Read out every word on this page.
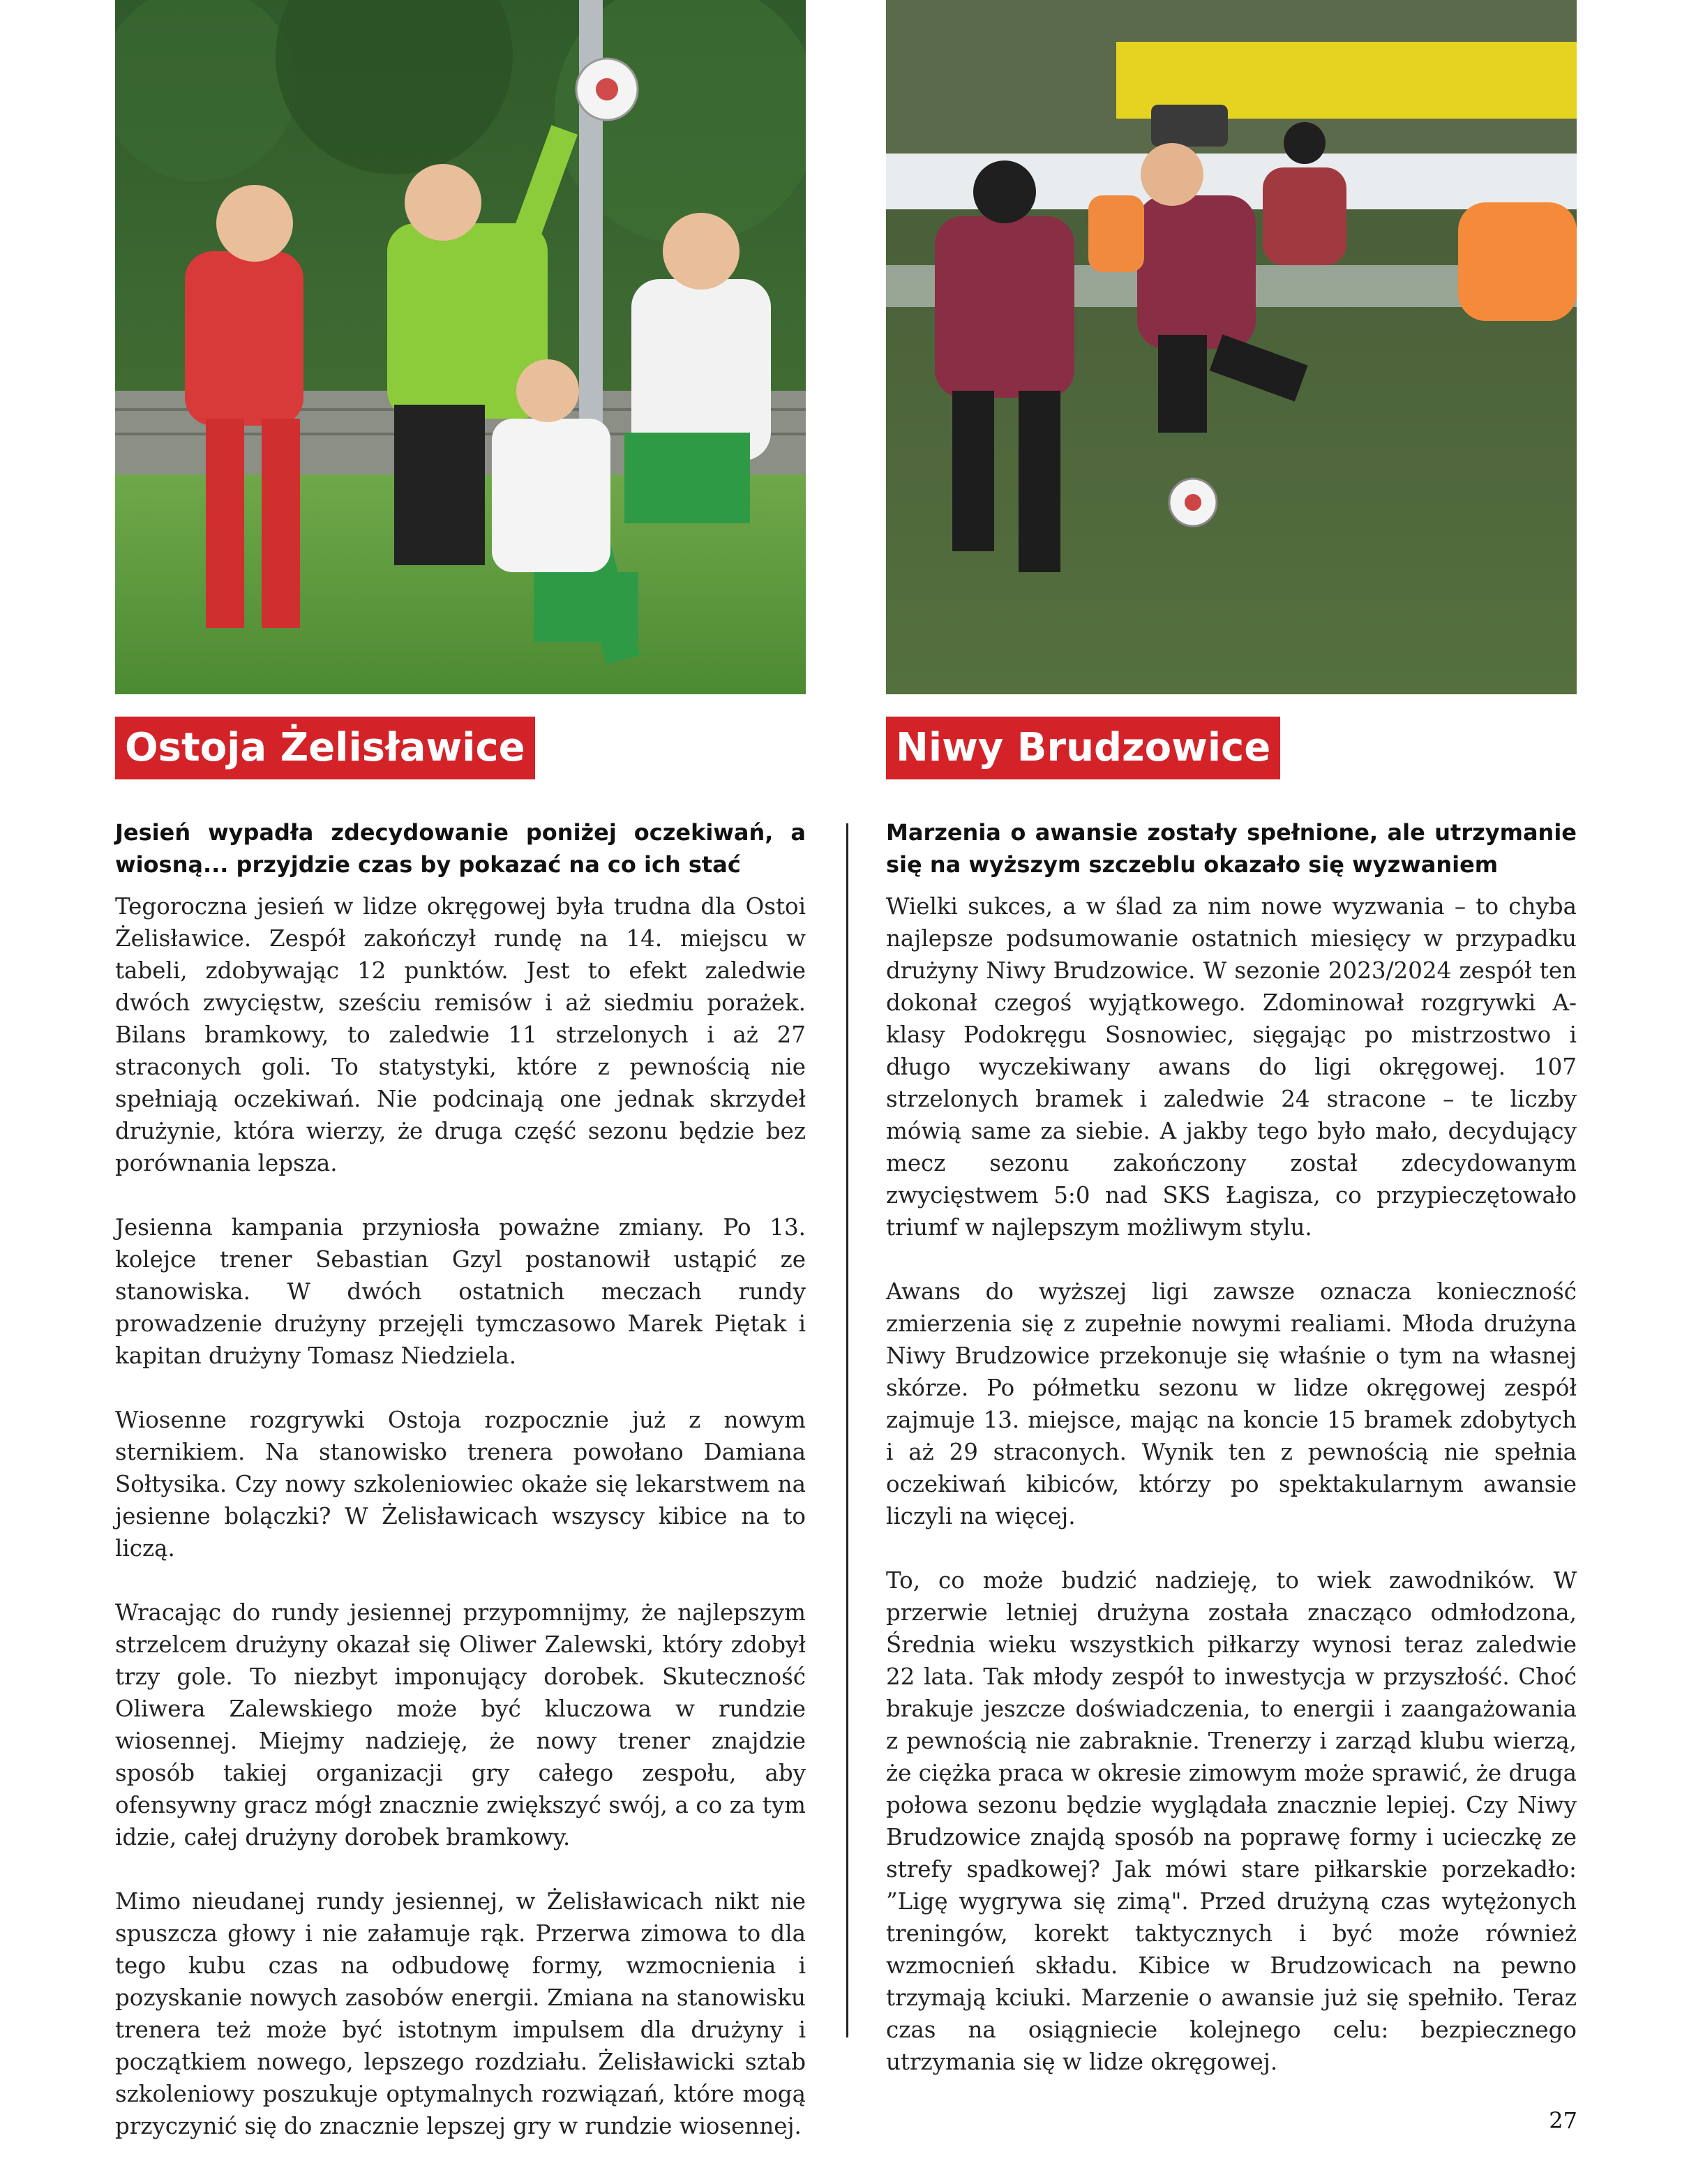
Ostoja Żelisławice

Jesień wypadła zdecydowanie poniżej oczekiwań, a wiosną... przyjdzie czas by pokazać na co ich stać

Tegoroczna jesień w lidze okręgowej była trudna dla Ostoi Żelisławice. Zespół zakończył rundę na 14. miejscu w tabeli, zdobywając 12 punktów. Jest to efekt zaledwie dwóch zwycięstw, sześciu remisów i aż siedmiu porażek. Bilans bramkowy, to zaledwie 11 strzelonych i aż 27 straconych goli. To statystyki, które z pewnością nie spełniają oczekiwań. Nie podcinają one jednak skrzydeł drużynie, która wierzy, że druga część sezonu będzie bez porównania lepsza.

Jesienna kampania przyniosła poważne zmiany. Po 13. kolejce trener Sebastian Gzyl postanowił ustąpić ze stanowiska. W dwóch ostatnich meczach rundy prowadzenie drużyny przejęli tymczasowo Marek Piętak i kapitan drużyny Tomasz Niedziela.

Wiosenne rozgrywki Ostoja rozpocznie już z nowym sternikiem. Na stanowisko trenera powołano Damiana Sołtysika. Czy nowy szkoleniowiec okaże się lekarstwem na jesienne bolączki? W Żelisławicach wszyscy kibice na to liczą.

Wracając do rundy jesiennej przypomnijmy, że najlepszym strzelcem drużyny okazał się Oliwer Zalewski, który zdobył trzy gole. To niezbyt imponujący dorobek. Skuteczność Oliwera Zalewskiego może być kluczowa w rundzie wiosennej. Miejmy nadzieję, że nowy trener znajdzie sposób takiej organizacji gry całego zespołu, aby ofensywny gracz mógł znacznie zwiększyć swój, a co za tym idzie, całej drużyny dorobek bramkowy.

Mimo nieudanej rundy jesiennej, w Żelisławicach nikt nie spuszcza głowy i nie załamuje rąk. Przerwa zimowa to dla tego kubu czas na odbudowę formy, wzmocnienia i pozyskanie nowych zasobów energii. Zmiana na stanowisku trenera też może być istotnym impulsem dla drużyny i początkiem nowego, lepszego rozdziału. Żelisławicki sztab szkoleniowy poszukuje optymalnych rozwiązań, które mogą przyczynić się do znacznie lepszej gry w rundzie wiosennej.

Niwy Brudzowice

Marzenia o awansie zostały spełnione, ale utrzymanie się na wyższym szczeblu okazało się wyzwaniem

Wielki sukces, a w ślad za nim nowe wyzwania – to chyba najlepsze podsumowanie ostatnich miesięcy w przypadku drużyny Niwy Brudzowice. W sezonie 2023/2024 zespół ten dokonał czegoś wyjątkowego. Zdominował rozgrywki A-klasy Podokręgu Sosnowiec, sięgając po mistrzostwo i długo wyczekiwany awans do ligi okręgowej. 107 strzelonych bramek i zaledwie 24 stracone – te liczby mówią same za siebie. A jakby tego było mało, decydujący mecz sezonu zakończony został zdecydowanym zwycięstwem 5:0 nad SKS Łagisza, co przypieczętowało triumf w najlepszym możliwym stylu.

Awans do wyższej ligi zawsze oznacza konieczność zmierzenia się z zupełnie nowymi realiami. Młoda drużyna Niwy Brudzowice przekonuje się właśnie o tym na własnej skórze. Po półmetku sezonu w lidze okręgowej zespół zajmuje 13. miejsce, mając na koncie 15 bramek zdobytych i aż 29 straconych. Wynik ten z pewnością nie spełnia oczekiwań kibiców, którzy po spektakularnym awansie liczyli na więcej.

To, co może budzić nadzieję, to wiek zawodników. W przerwie letniej drużyna została znacząco odmłodzona, Średnia wieku wszystkich piłkarzy wynosi teraz zaledwie 22 lata. Tak młody zespół to inwestycja w przyszłość. Choć brakuje jeszcze doświadczenia, to energii i zaangażowania z pewnością nie zabraknie. Trenerzy i zarząd klubu wierzą, że ciężka praca w okresie zimowym może sprawić, że druga połowa sezonu będzie wyglądała znacznie lepiej. Czy Niwy Brudzowice znajdą sposób na poprawę formy i ucieczkę ze strefy spadkowej? Jak mówi stare piłkarskie porzekadło: ”Ligę wygrywa się zimą". Przed drużyną czas wytężonych treningów, korekt taktycznych i być może również wzmocnień składu. Kibice w Brudzowicach na pewno trzymają kciuki. Marzenie o awansie już się spełniło. Teraz czas na osiągniecie kolejnego celu: bezpiecznego utrzymania się w lidze okręgowej.

27
